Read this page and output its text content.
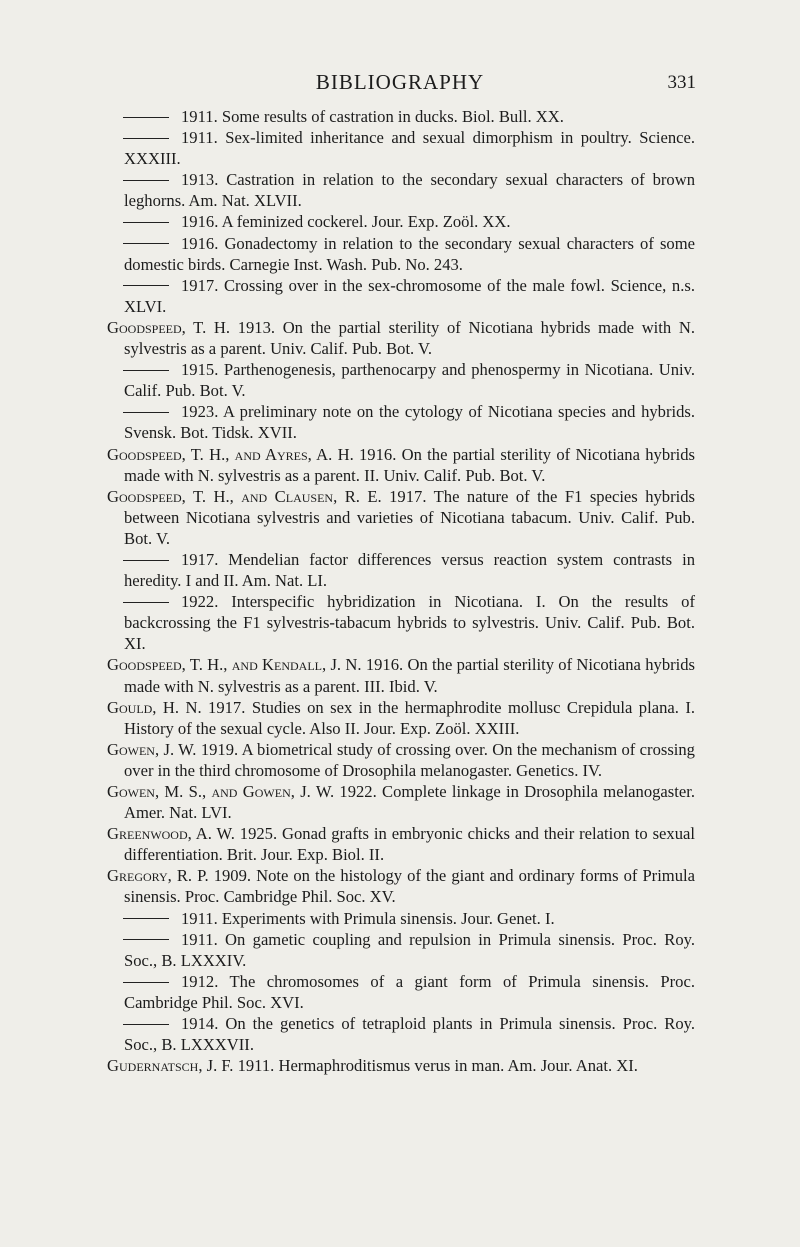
BIBLIOGRAPHY	331
1911. Some results of castration in ducks. Biol. Bull. XX.
1911. Sex-limited inheritance and sexual dimorphism in poultry. Science. XXXIII.
1913. Castration in relation to the secondary sexual characters of brown leghorns. Am. Nat. XLVII.
1916. A feminized cockerel. Jour. Exp. Zoöl. XX.
1916. Gonadectomy in relation to the secondary sexual characters of some domestic birds. Carnegie Inst. Wash. Pub. No. 243.
1917. Crossing over in the sex-chromosome of the male fowl. Science, n.s. XLVI.
Goodspeed, T. H. 1913. On the partial sterility of Nicotiana hybrids made with N. sylvestris as a parent. Univ. Calif. Pub. Bot. V.
1915. Parthenogenesis, parthenocarpy and phenospermy in Nicotiana. Univ. Calif. Pub. Bot. V.
1923. A preliminary note on the cytology of Nicotiana species and hybrids. Svensk. Bot. Tidsk. XVII.
Goodspeed, T. H., and Ayres, A. H. 1916. On the partial sterility of Nicotiana hybrids made with N. sylvestris as a parent. II. Univ. Calif. Pub. Bot. V.
Goodspeed, T. H., and Clausen, R. E. 1917. The nature of the F1 species hybrids between Nicotiana sylvestris and varieties of Nicotiana tabacum. Univ. Calif. Pub. Bot. V.
1917. Mendelian factor differences versus reaction system contrasts in heredity. I and II. Am. Nat. LI.
1922. Interspecific hybridization in Nicotiana. I. On the results of backcrossing the F1 sylvestris-tabacum hybrids to sylvestris. Univ. Calif. Pub. Bot. XI.
Goodspeed, T. H., and Kendall, J. N. 1916. On the partial sterility of Nicotiana hybrids made with N. sylvestris as a parent. III. Ibid. V.
Gould, H. N. 1917. Studies on sex in the hermaphrodite mollusc Crepidula plana. I. History of the sexual cycle. Also II. Jour. Exp. Zoöl. XXIII.
Gowen, J. W. 1919. A biometrical study of crossing over. On the mechanism of crossing over in the third chromosome of Drosophila melanogaster. Genetics. IV.
Gowen, M. S., and Gowen, J. W. 1922. Complete linkage in Drosophila melanogaster. Amer. Nat. LVI.
Greenwood, A. W. 1925. Gonad grafts in embryonic chicks and their relation to sexual differentiation. Brit. Jour. Exp. Biol. II.
Gregory, R. P. 1909. Note on the histology of the giant and ordinary forms of Primula sinensis. Proc. Cambridge Phil. Soc. XV.
1911. Experiments with Primula sinensis. Jour. Genet. I.
1911. On gametic coupling and repulsion in Primula sinensis. Proc. Roy. Soc., B. LXXXIV.
1912. The chromosomes of a giant form of Primula sinensis. Proc. Cambridge Phil. Soc. XVI.
1914. On the genetics of tetraploid plants in Primula sinensis. Proc. Roy. Soc., B. LXXXVII.
Gudernatsch, J. F. 1911. Hermaphroditismus verus in man. Am. Jour. Anat. XI.
